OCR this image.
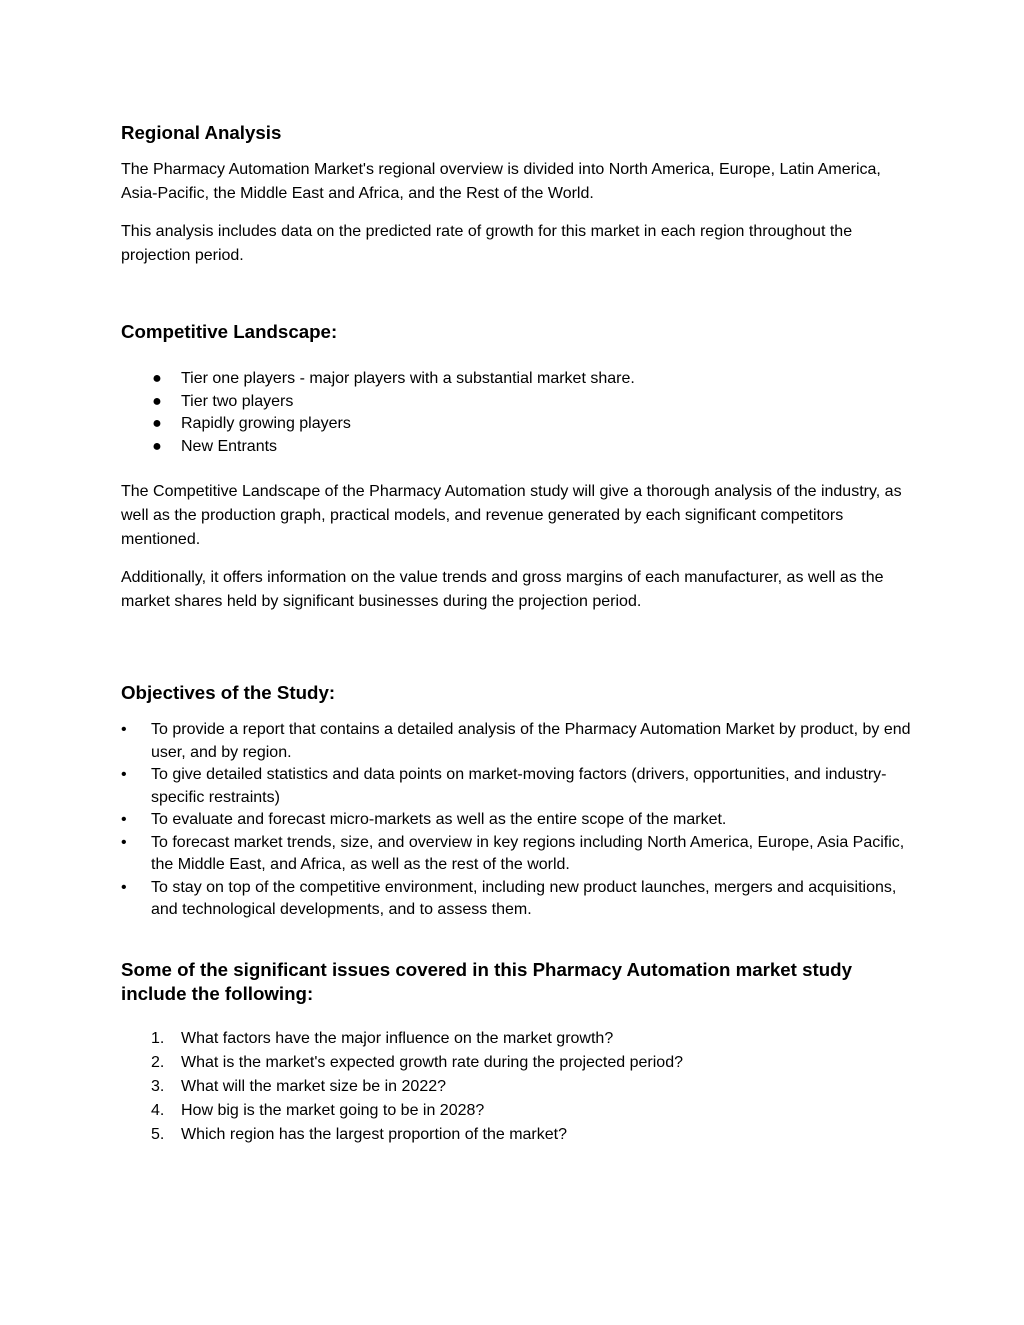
Regional Analysis

The Pharmacy Automation Market's regional overview is divided into North America, Europe, Latin America, Asia-Pacific, the Middle East and Africa, and the Rest of the World.

This analysis includes data on the predicted rate of growth for this market in each region throughout the projection period.

Competitive Landscape:
● Tier one players - major players with a substantial market share.
● Tier two players
● Rapidly growing players
● New Entrants

The Competitive Landscape of the Pharmacy Automation study will give a thorough analysis of the industry, as well as the production graph, practical models, and revenue generated by each significant competitors mentioned.

Additionally, it offers information on the value trends and gross margins of each manufacturer, as well as the market shares held by significant businesses during the projection period.

Objectives of the Study:
• To provide a report that contains a detailed analysis of the Pharmacy Automation Market by product, by end user, and by region.
• To give detailed statistics and data points on market-moving factors (drivers, opportunities, and industry-specific restraints)
• To evaluate and forecast micro-markets as well as the entire scope of the market.
• To forecast market trends, size, and overview in key regions including North America, Europe, Asia Pacific, the Middle East, and Africa, as well as the rest of the world.
• To stay on top of the competitive environment, including new product launches, mergers and acquisitions, and technological developments, and to assess them.
Some of the significant issues covered in this Pharmacy Automation market study include the following:
1. What factors have the major influence on the market growth?
2. What is the market's expected growth rate during the projected period?
3. What will the market size be in 2022?
4. How big is the market going to be in 2028?
5. Which region has the largest proportion of the market?
